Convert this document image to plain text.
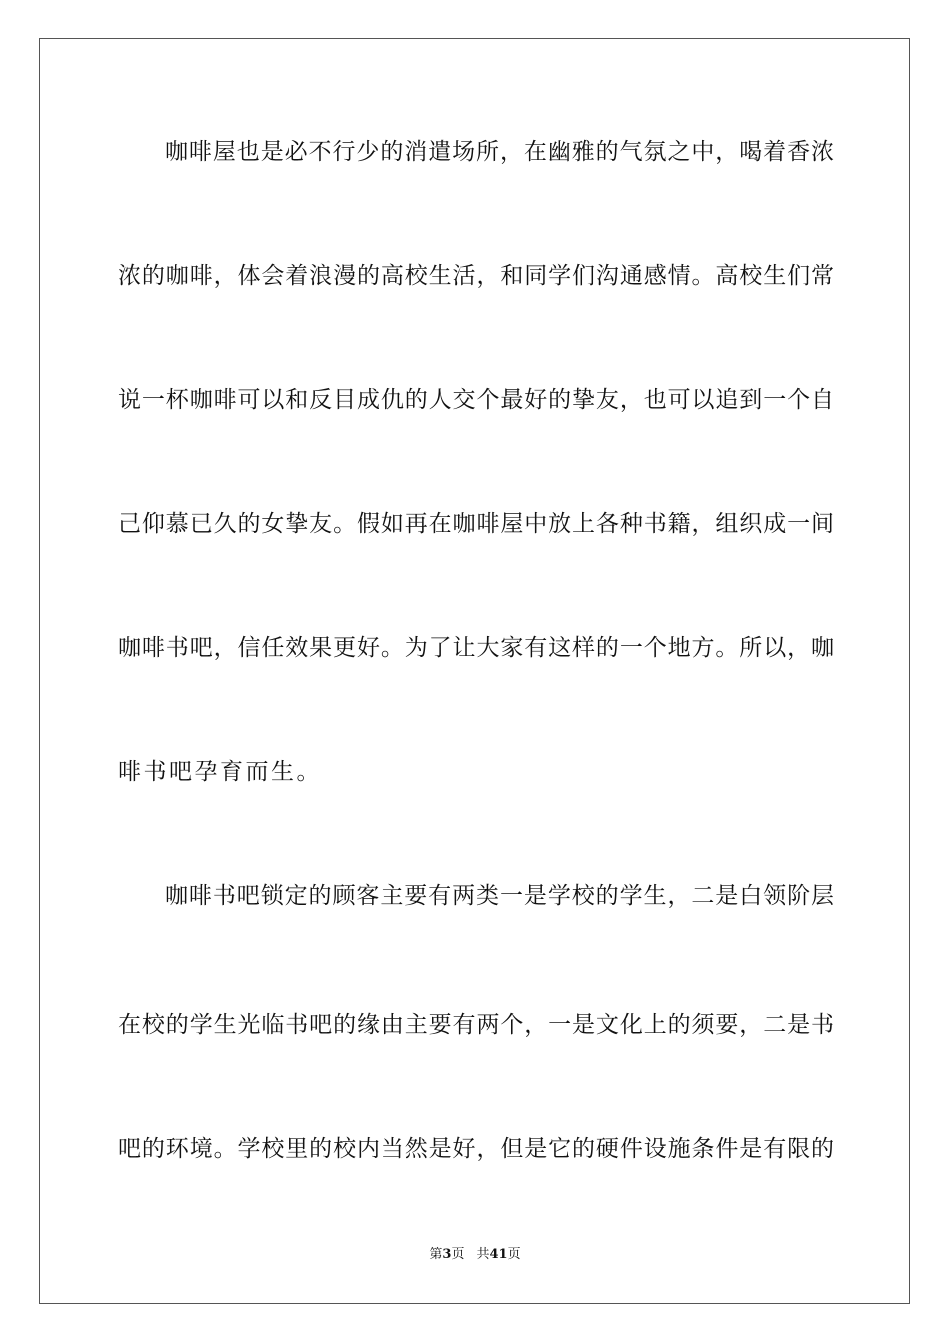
咖啡屋也是必不行少的消遣场所，在幽雅的气氛之中，喝着香浓
浓的咖啡，体会着浪漫的高校生活，和同学们沟通感情。高校生们常
说一杯咖啡可以和反目成仇的人交个最好的挚友，也可以追到一个自
己仰慕已久的女挚友。假如再在咖啡屋中放上各种书籍，组织成一间
咖啡书吧，信任效果更好。为了让大家有这样的一个地方。所以，咖
啡书吧孕育而生。
咖啡书吧锁定的顾客主要有两类一是学校的学生，二是白领阶层
在校的学生光临书吧的缘由主要有两个，一是文化上的须要，二是书
吧的环境。学校里的校内当然是好，但是它的硬件设施条件是有限的
第3页 共41页
